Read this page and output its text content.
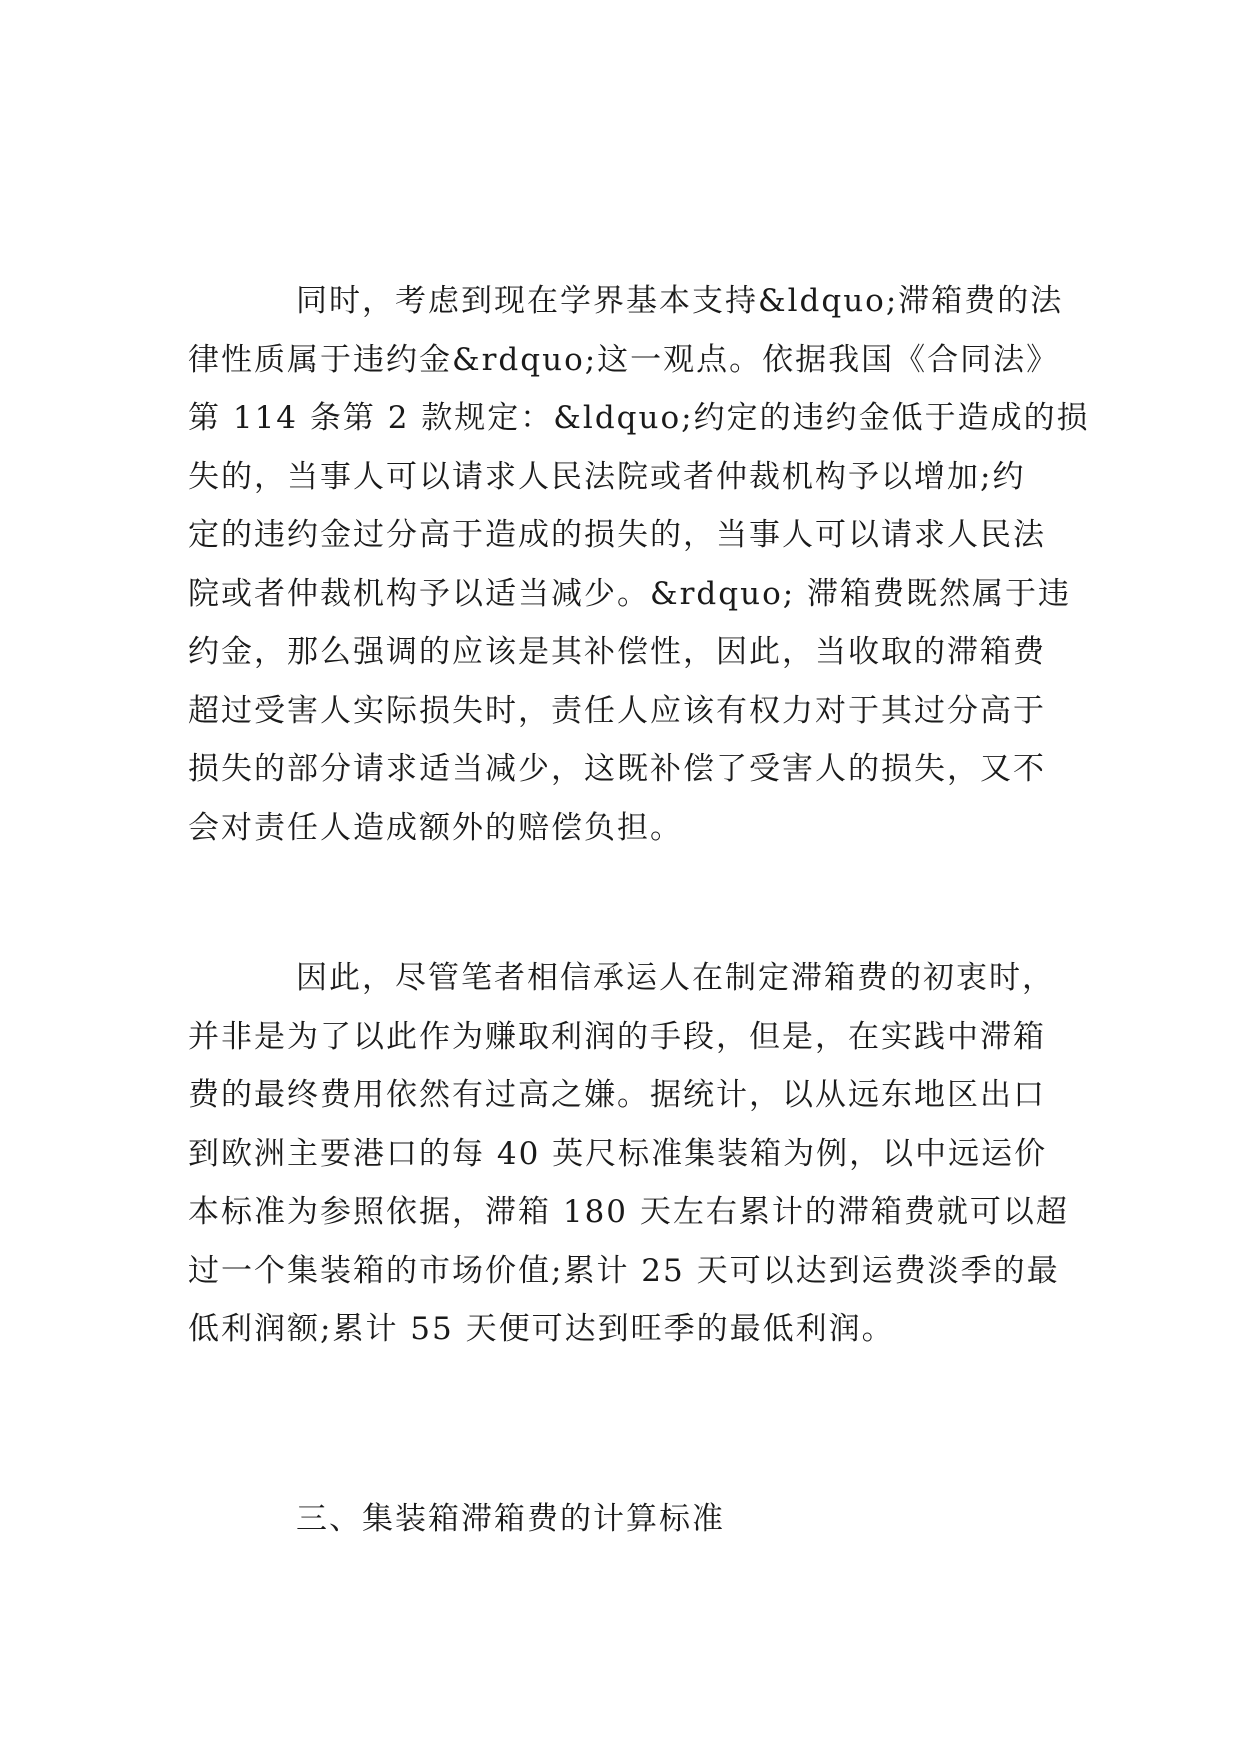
同时，考虑到现在学界基本支持&ldquo;滞箱费的法
律性质属于违约金&rdquo;这一观点。依据我国《合同法》
第 114 条第 2 款规定：&ldquo;约定的违约金低于造成的损
失的，当事人可以请求人民法院或者仲裁机构予以增加;约
定的违约金过分高于造成的损失的，当事人可以请求人民法
院或者仲裁机构予以适当减少。&rdquo; 滞箱费既然属于违
约金，那么强调的应该是其补偿性，因此，当收取的滞箱费
超过受害人实际损失时，责任人应该有权力对于其过分高于
损失的部分请求适当减少，这既补偿了受害人的损失，又不
会对责任人造成额外的赔偿负担。

因此，尽管笔者相信承运人在制定滞箱费的初衷时，
并非是为了以此作为赚取利润的手段，但是，在实践中滞箱
费的最终费用依然有过高之嫌。据统计，以从远东地区出口
到欧洲主要港口的每 40 英尺标准集装箱为例，以中远运价
本标准为参照依据，滞箱 180 天左右累计的滞箱费就可以超
过一个集装箱的市场价值;累计 25 天可以达到运费淡季的最
低利润额;累计 55 天便可达到旺季的最低利润。

三、集装箱滞箱费的计算标准
